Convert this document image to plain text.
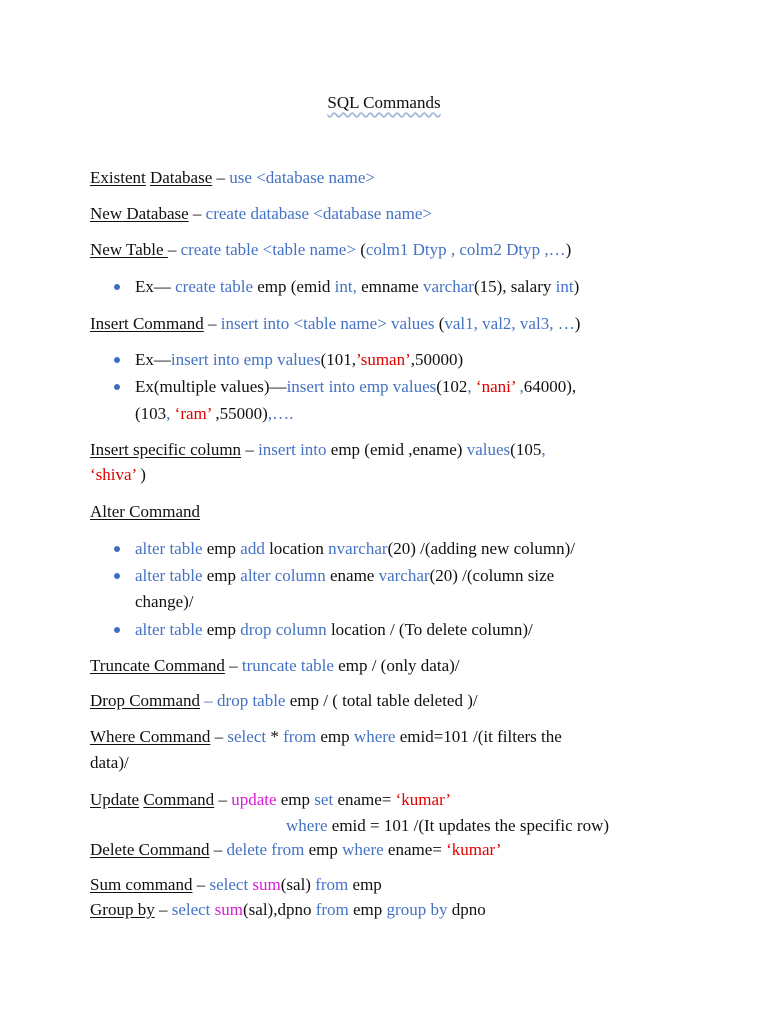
SQL Commands
Existent Database – use <database name>
New Database – create database <database name>
New Table – create table <table name> (colm1 Dtyp , colm2 Dtyp ,…)
Ex— create table emp (emid int, emname varchar(15), salary int)
Insert Command – insert into <table name> values (val1, val2, val3, …)
Ex—insert into emp values(101,’suman’,50000)
Ex(multiple values)—insert into emp values(102, ‘nani’ ,64000),
(103, ‘ram’ ,55000),….
Insert specific column – insert into emp (emid ,ename) values(105,
‘shiva’ )
Alter Command
alter table emp add location nvarchar(20) /(adding new column)/
alter table emp alter column ename varchar(20) /(column size
change)/
alter table emp drop column location / (To delete column)/
Truncate Command – truncate table emp / (only data)/
Drop Command – drop table emp / ( total table deleted )/
Where Command – select * from emp where emid=101 /(it filters the
data)/
Update Command – update emp set ename= ‘kumar’
where emid = 101 /(It updates the specific row)
Delete Command – delete from emp where ename= ‘kumar’
Sum command – select sum(sal) from emp
Group by – select sum(sal),dpno from emp group by dpno
